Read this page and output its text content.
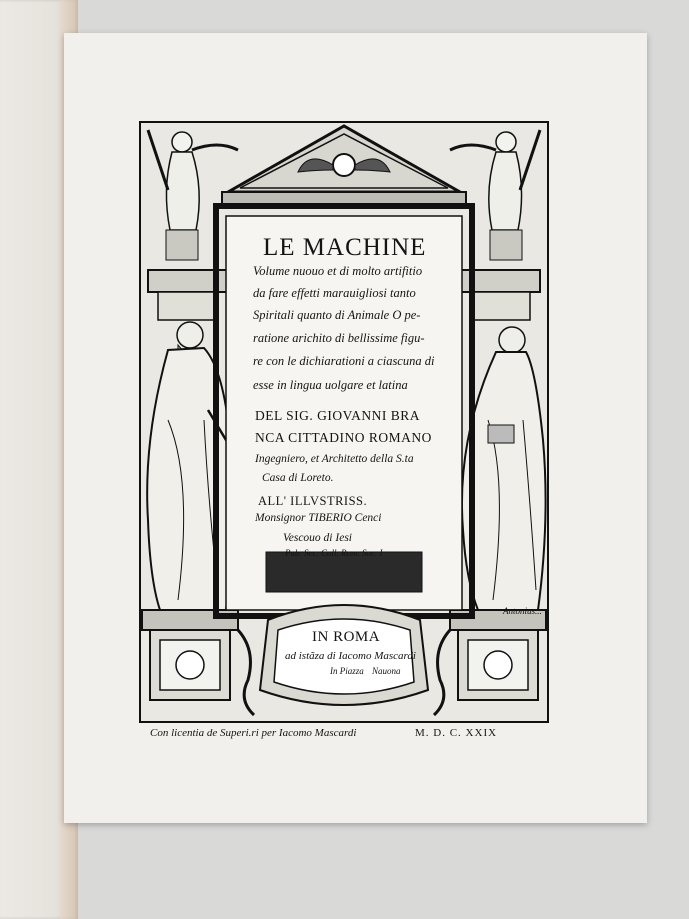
LE MACHINE
Volume nuouo et di molto artifitio
da fare effetti marauigliosi tanto
Spiritali quanto di Animale O pe-
ratione arichito di bellissime figu-
re con le dichiarationi a ciascuna di
esse in lingua uolgare et latina
DEL SIG. GIOVANNI BRA
NCA CITTADINO ROMANO
Ingegniero, et Architetto della S.ta
Casa di Loreto.
ALL' ILLVSTRISS.
Monsignor TIBERIO Cenci
Vescouo di Iesi
Pub. Sec. Coll. Rom. Soc. I
IN ROMA
ad istãza di Iacomo Mascardi
In Piazza Nauona
Con licentia de Superi.ri per Iacomo Mascardi	M. D. C. XXIX
Antonius...
